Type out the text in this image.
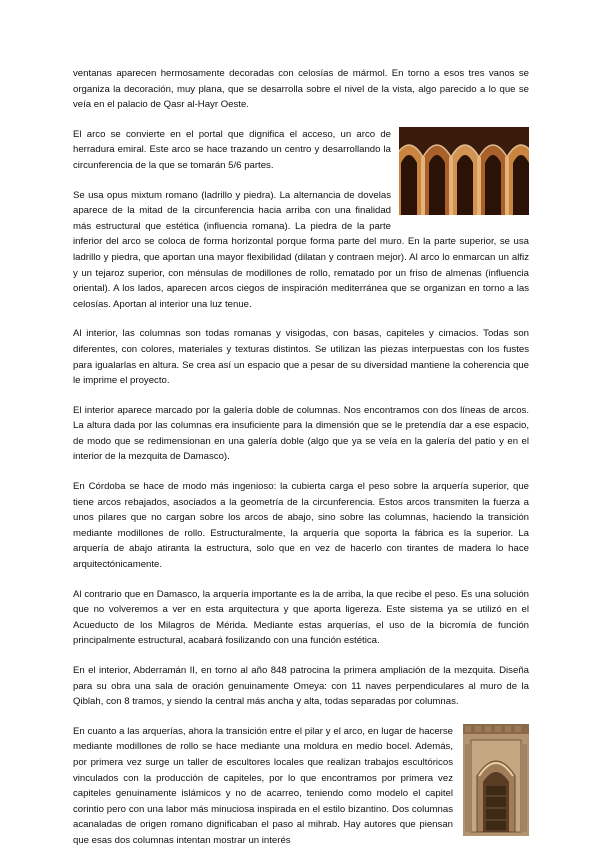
ventanas aparecen hermosamente decoradas con celosías de mármol. En torno a esos tres vanos se organiza la decoración, muy plana, que se desarrolla sobre el nivel de la vista, algo parecido a lo que se veía en el palacio de Qasr al-Hayr Oeste.

El arco se convierte en el portal que dignifica el acceso, un arco de herradura emiral. Este arco se hace trazando un centro y desarrollando la circunferencia de la que se tomarán 5/6 partes.

Se usa opus mixtum romano (ladrillo y piedra). La alternancia de dovelas aparece de la mitad de la circunferencia hacia arriba con una finalidad más estructural que estética (influencia romana). La piedra de la parte inferior del arco se coloca de forma horizontal porque forma parte del muro. En la parte superior, se usa ladrillo y piedra, que aportan una mayor flexibilidad (dilatan y contraen mejor). Al arco lo enmarcan un alfiz y un tejaroz superior, con ménsulas de modillones de rollo, rematado por un friso de almenas (influencia oriental). A los lados, aparecen arcos ciegos de inspiración mediterránea que se organizan en torno a las celosías. Aportan al interior una luz tenue.

Al interior, las columnas son todas romanas y visigodas, con basas, capiteles y cimacios. Todas son diferentes, con colores, materiales y texturas distintos. Se utilizan las piezas interpuestas con los fustes para igualarlas en altura. Se crea así un espacio que a pesar de su diversidad mantiene la coherencia que le imprime el proyecto.

El interior aparece marcado por la galería doble de columnas. Nos encontramos con dos líneas de arcos. La altura dada por las columnas era insuficiente para la dimensión que se le pretendía dar a ese espacio, de modo que se redimensionan en una galería doble (algo que ya se veía en la galería del patio y en el interior de la mezquita de Damasco).

En Córdoba se hace de modo más ingenioso: la cubierta carga el peso sobre la arquería superior, que tiene arcos rebajados, asociados a la geometría de la circunferencia. Estos arcos transmiten la fuerza a unos pilares que no cargan sobre los arcos de abajo, sino sobre las columnas, haciendo la transición mediante modillones de rollo. Estructuralmente, la arquería que soporta la fábrica es la superior. La arquería de abajo atiranta la estructura, solo que en vez de hacerlo con tirantes de madera lo hace arquitectónicamente.

Al contrario que en Damasco, la arquería importante es la de arriba, la que recibe el peso. Es una solución que no volveremos a ver en esta arquitectura y que aporta ligereza. Este sistema ya se utilizó en el Acueducto de los Milagros de Mérida. Mediante estas arquerías, el uso de la bicromía de función principalmente estructural, acabará fosilizando con una función estética.

En el interior, Abderramán II, en torno al año 848 patrocina la primera ampliación de la mezquita. Diseña para su obra una sala de oración genuinamente Omeya: con 11 naves perpendiculares al muro de la Qiblah, con 8 tramos, y siendo la central más ancha y alta, todas separadas por columnas.

En cuanto a las arquerías, ahora la transición entre el pilar y el arco, en lugar de hacerse mediante modillones de rollo se hace mediante una moldura en medio bocel. Además, por primera vez surge un taller de escultores locales que realizan trabajos escultóricos vinculados con la producción de capiteles, por lo que encontramos por primera vez capiteles genuinamente islámicos y no de acarreo, teniendo como modelo el capitel corintio pero con una labor más minuciosa inspirada en el estilo bizantino. Dos columnas acanaladas de origen romano dignificaban el paso al mihrab. Hay autores que piensan que esas dos columnas intentan mostrar un interés
